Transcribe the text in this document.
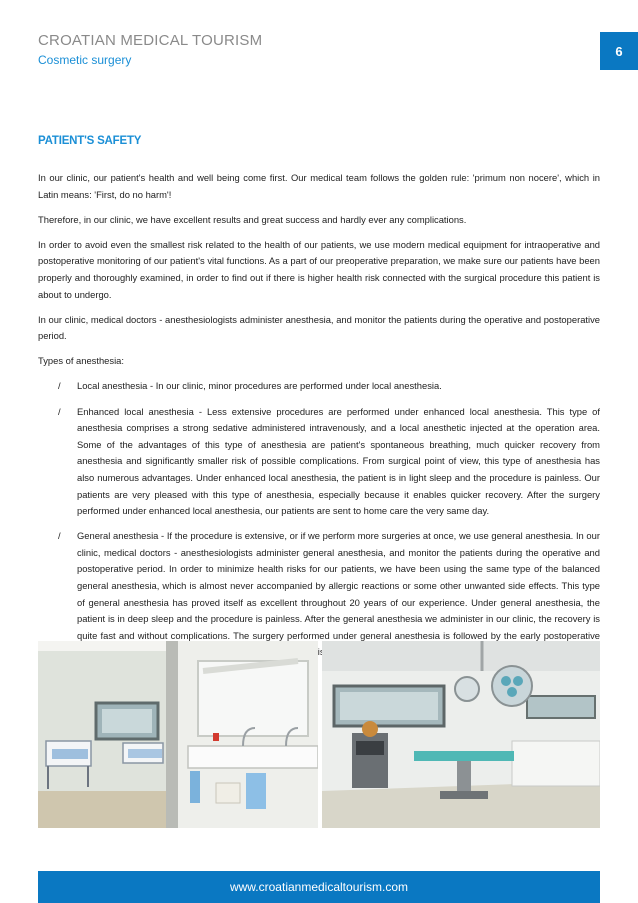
CROATIAN MEDICAL TOURISM
Cosmetic surgery
6
PATIENT'S SAFETY

In our clinic, our patient's health and well being come first. Our medical team follows the golden rule: 'primum non nocere', which in Latin means: 'First, do no harm'!

Therefore, in our clinic, we have excellent results and great success and hardly ever any complications.

In order to avoid even the smallest risk related to the health of our patients, we use modern medical equipment for intraoperative and postoperative monitoring of our patient's vital functions. As a part of our preoperative preparation, we make sure our patients have been properly and thoroughly examined, in order to find out if there is higher health risk connected with the surgical procedure this patient is about to undergo.

In our clinic, medical doctors - anesthesiologists administer anesthesia, and monitor the patients during the operative and postoperative period.

Types of anesthesia:

/ Local anesthesia - In our clinic, minor procedures are performed under local anesthesia.
/ Enhanced local anesthesia - Less extensive procedures are performed under enhanced local anesthesia. This type of anesthesia comprises a strong sedative administered intravenously, and a local anesthetic injected at the operation area. Some of the advantages of this type of anesthesia are patient's spontaneous breathing, much quicker recovery from anesthesia and significantly smaller risk of possible complications. From surgical point of view, this type of anesthesia has also numerous advantages. Under enhanced local anesthesia, the patient is in light sleep and the procedure is painless. Our patients are very pleased with this type of anesthesia, especially because it enables quicker recovery. After the surgery performed under enhanced local anesthesia, our patients are sent to home care the very same day.
/ General anesthesia - If the procedure is extensive, or if we perform more surgeries at once, we use general anesthesia. In our clinic, medical doctors - anesthesiologists administer general anesthesia, and monitor the patients during the operative and postoperative period. In order to minimize health risks for our patients, we have been using the same type of the balanced general anesthesia, which is almost never accompanied by allergic reactions or some other unwanted side effects. This type of general anesthesia has proved itself as excellent throughout 20 years of our experience. Under general anesthesia, the patient is in deep sleep and the procedure is painless. After the general anesthesia we administer in our clinic, the recovery is quite fast and without complications. The surgery performed under general anesthesia is followed by the early postoperative
www.croatianmedicaltourism.com
